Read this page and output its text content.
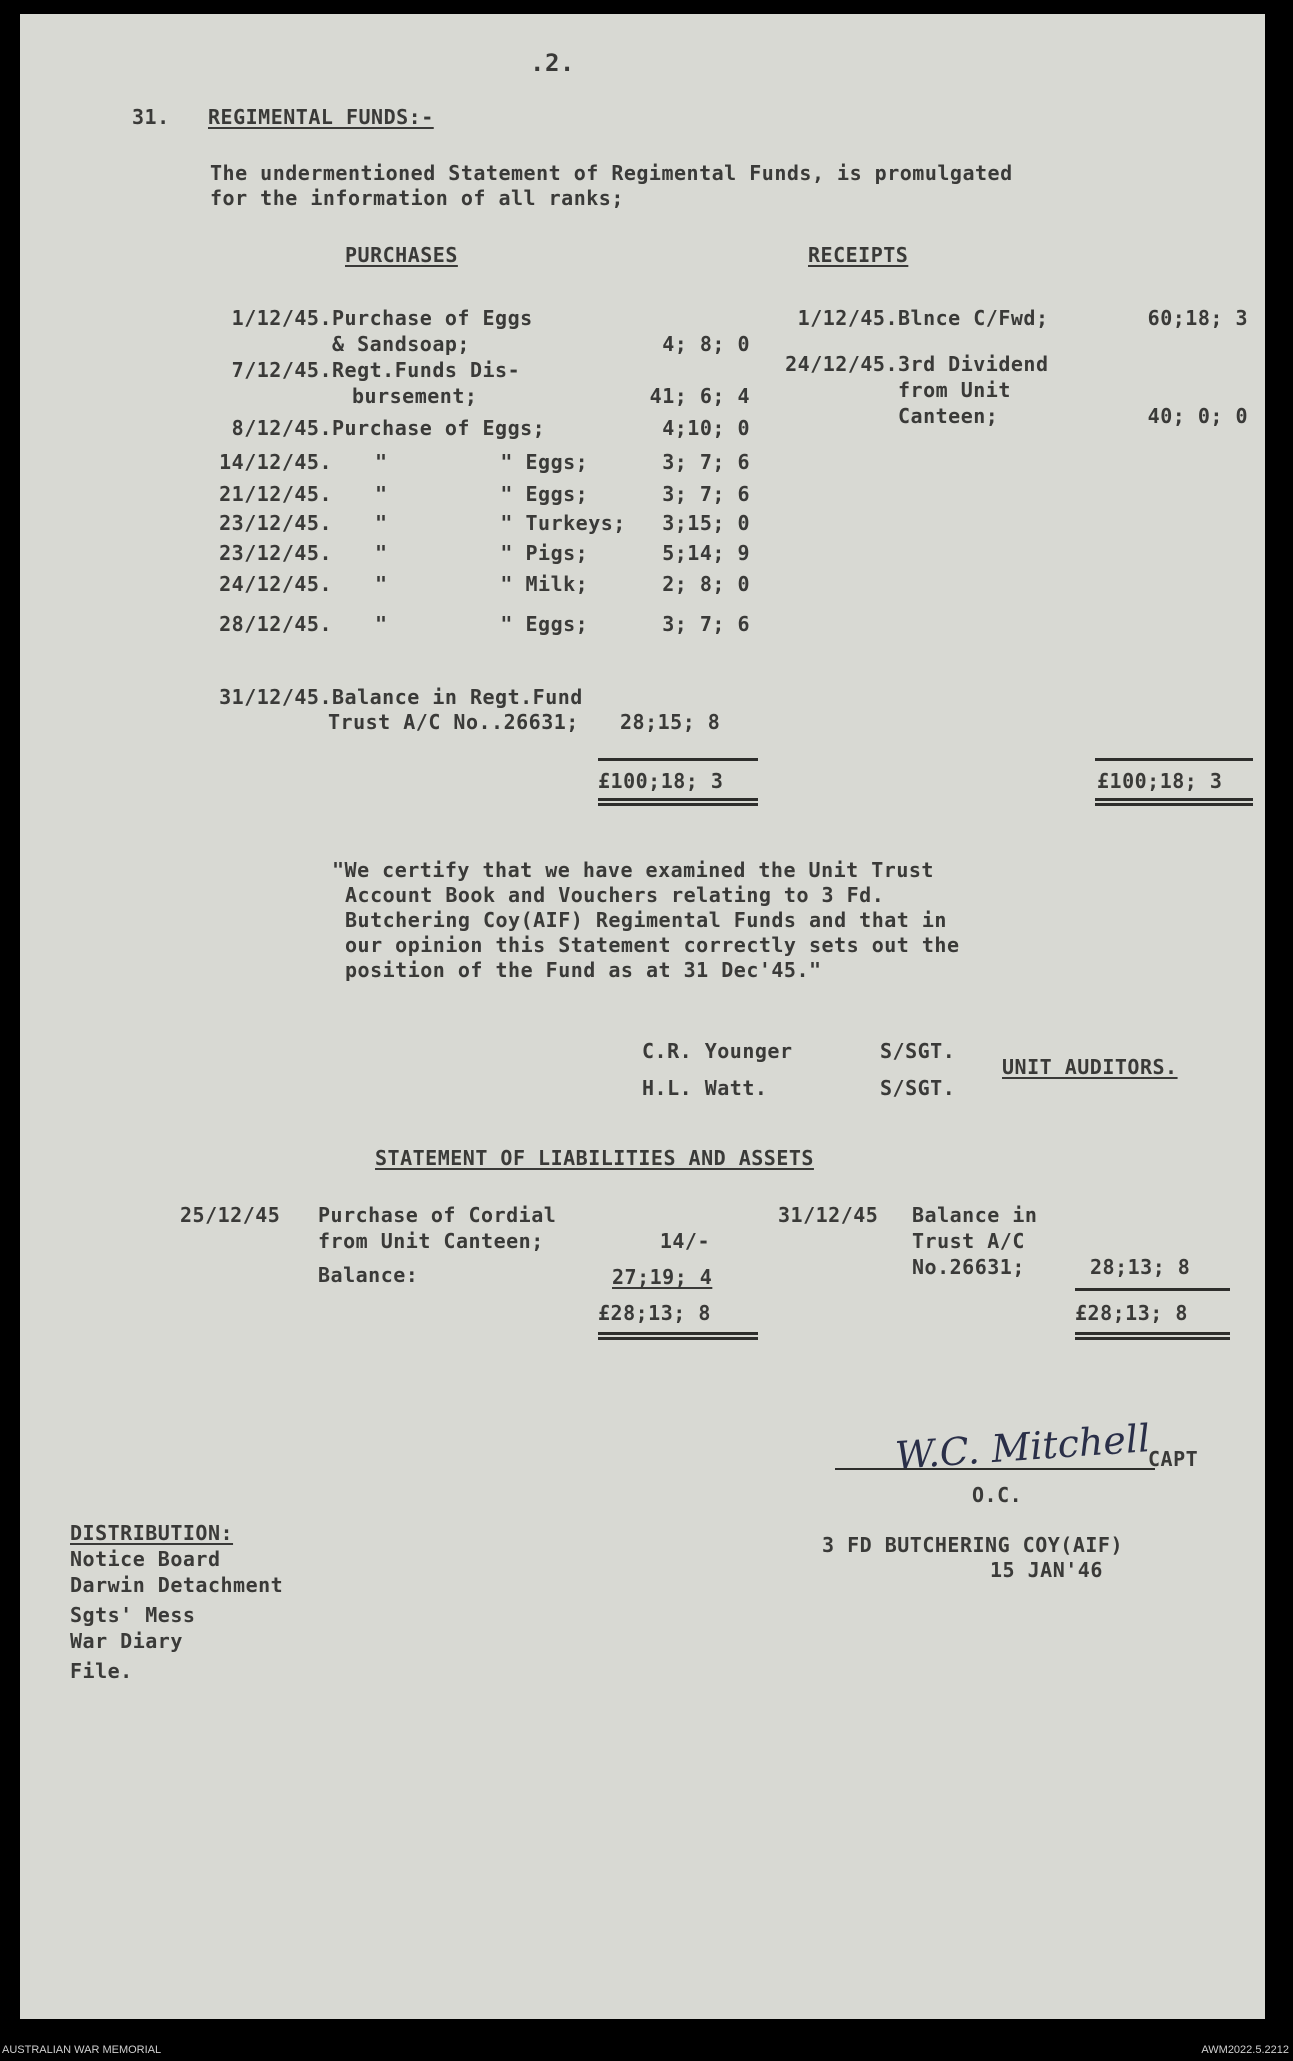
.2.
31. REGIMENTAL FUNDS:-
The undermentioned Statement of Regimental Funds, is promulgated
for the information of all ranks;
PURCHASES	RECEIPTS
1/12/45. Purchase of Eggs
& Sandsoap;	4; 8; 0
7/12/45. Regt.Funds Dis-
bursement;	41; 6; 4
8/12/45. Purchase of Eggs;	4;10; 0
14/12/45. "         " Eggs;	3; 7; 6
21/12/45. "         " Eggs;	3; 7; 6
23/12/45. "         " Turkeys;	3;15; 0
23/12/45. "         " Pigs;	5;14; 9
24/12/45. "         " Milk;	2; 8; 0
28/12/45. "         " Eggs;	3; 7; 6
31/12/45. Balance in Regt.Fund
Trust A/C No..26631; 28;15; 8
1/12/45. Blnce C/Fwd;	60;18; 3
24/12/45. 3rd Dividend
from Unit
Canteen;	40; 0; 0
£100;18; 3	£100;18; 3
"We certify that we have examined the Unit Trust
Account Book and Vouchers relating to 3 Fd.
Butchering Coy(AIF) Regimental Funds and that in
our opinion this Statement correctly sets out the
position of the Fund as at 31 Dec'45."
C.R. Younger	S/SGT.
H.L. Watt.	S/SGT.
UNIT AUDITORS.
STATEMENT OF LIABILITIES AND ASSETS
25/12/45 Purchase of Cordial
from Unit Canteen;	14/-
Balance:	27;19; 4
£28;13; 8
31/12/45 Balance in
Trust A/C
No.26631;	28;13; 8
£28;13; 8
W.C. Mitchell
CAPT
O.C.
3 FD BUTCHERING COY(AIF)
15 JAN'46
DISTRIBUTION:
Notice Board
Darwin Detachment
Sgts' Mess
War Diary
File.
AUSTRALIAN WAR MEMORIAL	AWM2022.5.2212
